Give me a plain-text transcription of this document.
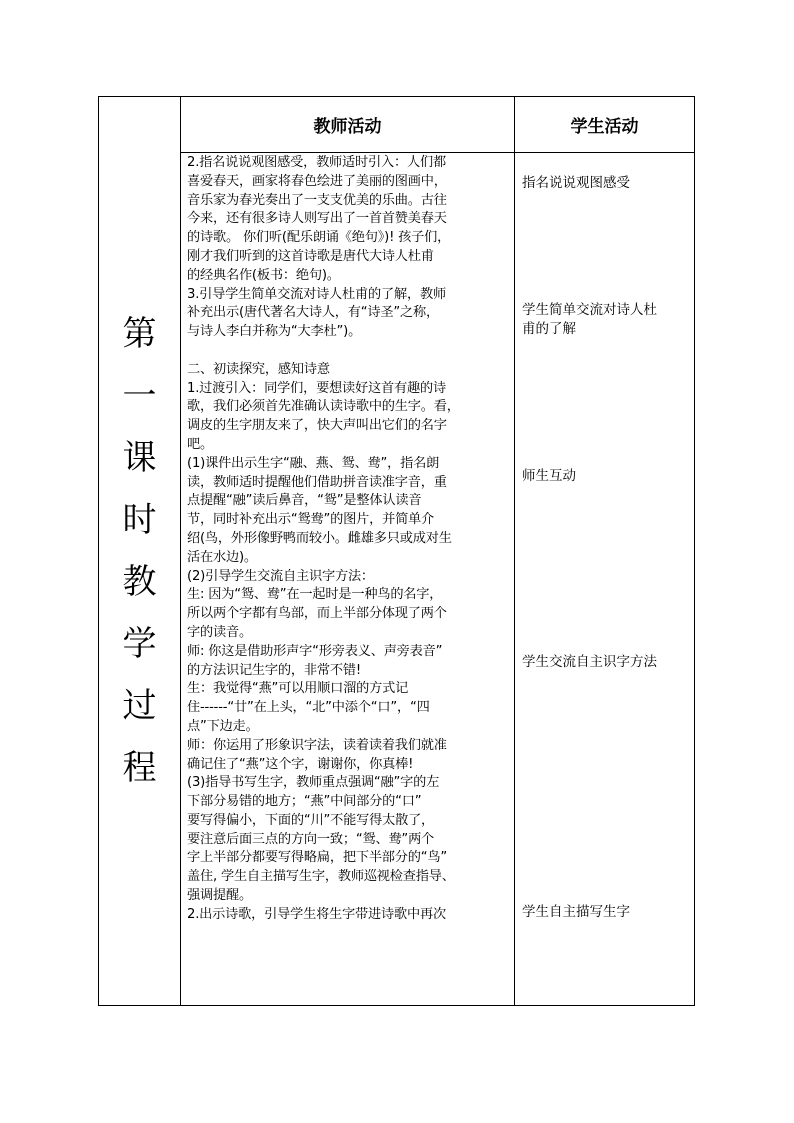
第
一
课
时
教
学
过
程
教师活动	学生活动

2.指名说说观图感受，教师适时引入：人们都

喜爱春天，画家将春色绘进了美丽的图画中，

音乐家为春光奏出了一支支优美的乐曲。古往

今来，还有很多诗人则写出了一首首赞美春天

的诗歌。 你们听(配乐朗诵《绝句》)! 孩子们，

刚才我们听到的这首诗歌是唐代大诗人杜甫

的经典名作(板书：绝句)。

3.引导学生简单交流对诗人杜甫的了解，教师

补充出示(唐代著名大诗人，有“诗圣”之称，

与诗人李白并称为“大李杜”)。

二、初读探究，感知诗意

1.过渡引入：同学们，要想读好这首有趣的诗

歌，我们必须首先准确认读诗歌中的生字。看，

调皮的生字朋友来了，快大声叫出它们的名字

吧。

(1)课件出示生字“融、燕、鸳、鸯”，指名朗

读，教师适时提醒他们借助拼音读准字音，重

点提醒“融”读后鼻音，“鸳”是整体认读音

节，同时补充出示“鸳鸯”的图片，并简单介

绍(鸟，外形像野鸭而较小。雌雄多只或成对生

活在水边)。

(2)引导学生交流自主识字方法：

生: 因为“鸳、鸯”在一起时是一种鸟的名字，

所以两个字都有鸟部，而上半部分体现了两个

字的读音。

师: 你这是借助形声字“形旁表义、声旁表音”

的方法识记生字的，非常不错!

生：我觉得“燕”可以用顺口溜的方式记

住------“廿”在上头，“北”中添个“口”，“四

点”下边走。

师：你运用了形象识字法，读着读着我们就准

确记住了“燕”这个字，谢谢你，你真棒!

(3)指导书写生字，教师重点强调“融”字的左

下部分易错的地方；“燕”中间部分的“口”

要写得偏小，下面的“川”不能写得太散了，

要注意后面三点的方向一致；“鸳、鸯”两个

字上半部分都要写得略扁，把下半部分的“鸟”

盖住, 学生自主描写生字，教师巡视检查指导、

强调提醒。

2.出示诗歌，引导学生将生字带进诗歌中再次

指名说说观图感受
学生简单交流对诗人杜
甫的了解
师生互动
学生交流自主识字方法
学生自主描写生字
